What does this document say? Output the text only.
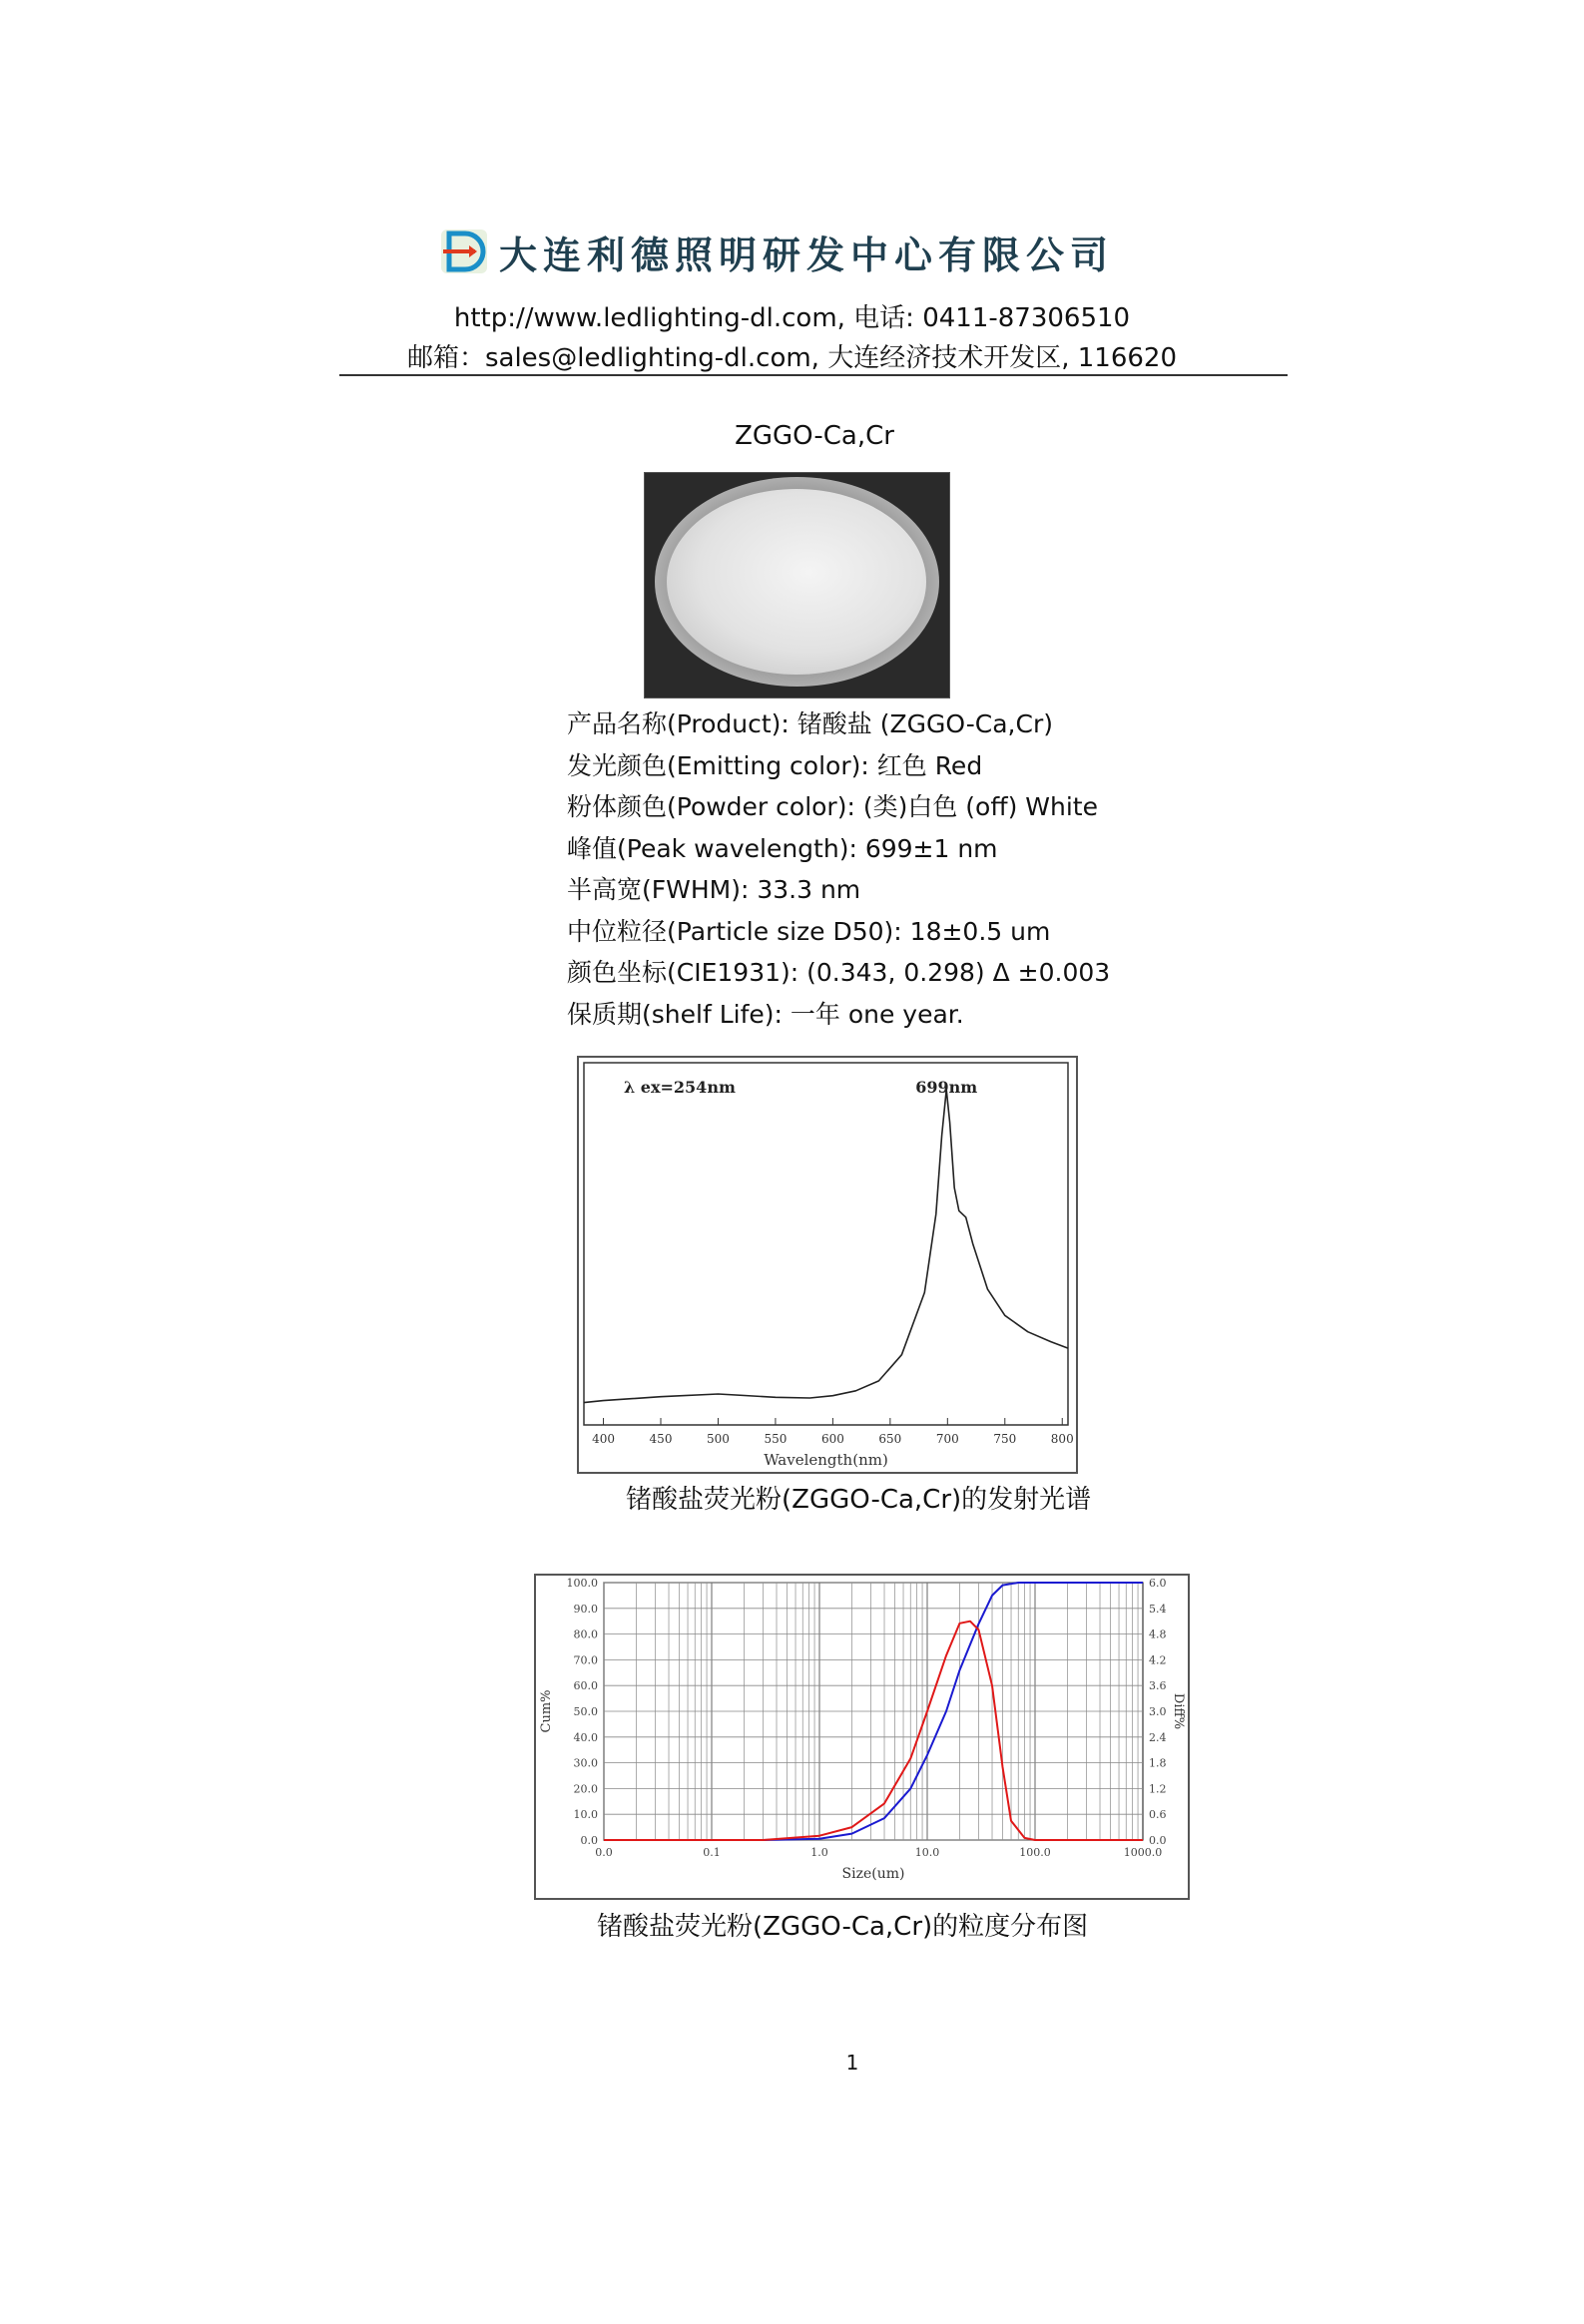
大连利德照明研发中心有限公司
http://www.ledlighting-dl.com, 电话: 0411-87306510
邮箱：sales@ledlighting-dl.com, 大连经济技术开发区, 116620
ZGGO-Ca,Cr
产品名称(Product): 锗酸盐 (ZGGO-Ca,Cr)
发光颜色(Emitting color): 红色 Red
粉体颜色(Powder color): (类)白色 (off) White
峰值(Peak wavelength): 699±1 nm
半高宽(FWHM): 33.3 nm
中位粒径(Particle size D50): 18±0.5 um
颜色坐标(CIE1931): (0.343, 0.298) Δ ±0.003
保质期(shelf Life): 一年 one year.
400	450	500	550	600	650	700	750	800
Wavelength(nm)
λ ex=254nm	699nm
锗酸盐荧光粉(ZGGO-Ca,Cr)的发射光谱
0.0
10.0
20.0
30.0
40.0
50.0
60.0
70.0
80.0
90.0
100.0
0.0
0.6
1.2
1.8
2.4
3.0
3.6
4.2
4.8
5.4
6.0
0.0	0.1	1.0	10.0	100.0	1000.0
Size(um)
Cum%	Diff%
锗酸盐荧光粉(ZGGO-Ca,Cr)的粒度分布图
1
